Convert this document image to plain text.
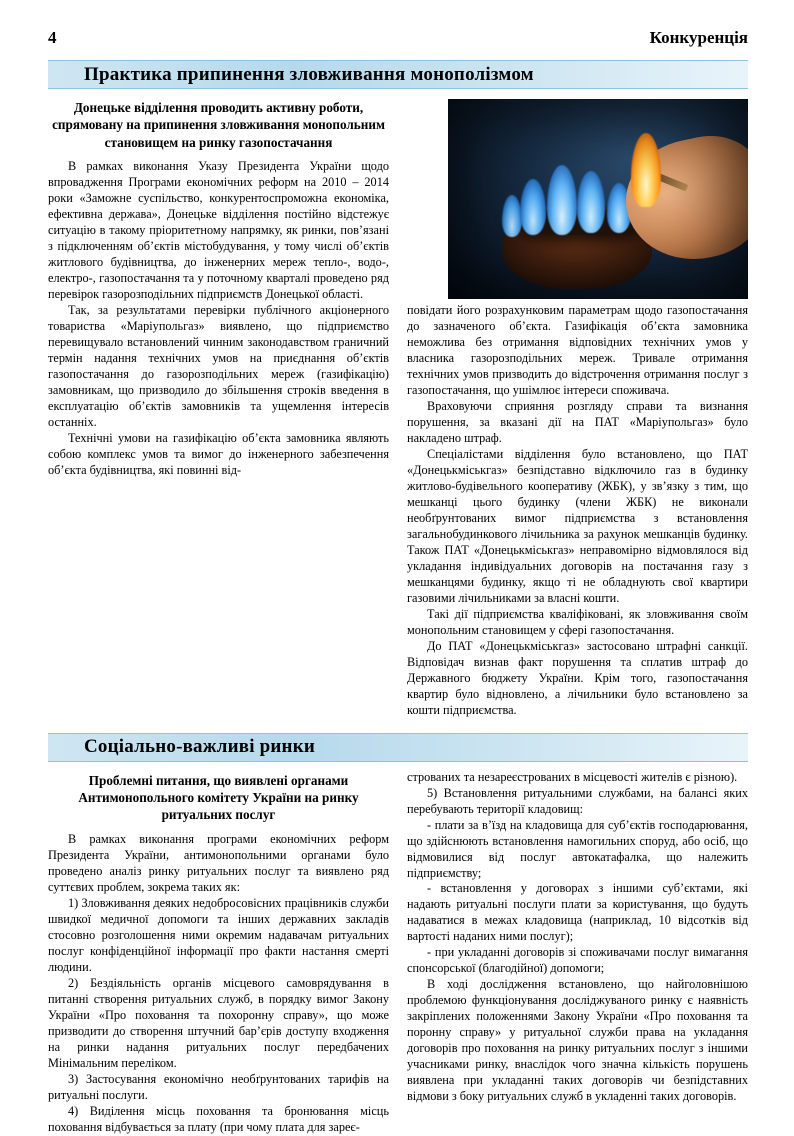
4	Конкуренція
Практика припинення зловживання монополізмом
Донецьке відділення проводить активну роботи, спрямовану на припинення зловживання монопольним становищем на ринку газопостачання

В рамках виконання Указу Президента України щодо впровадження Програми економічних реформ на 2010 – 2014 роки «Заможне суспільство, конкурентоспроможна економіка, ефективна держава», Донецьке відділення постійно відстежує ситуацію в такому пріоритетному напрямку, як ринки, пов’язані з підключенням об’єктів містобудування, у тому числі об’єктів житлового будівництва, до інженерних мереж тепло-, водо-, електро-, газопостачання та у поточному кварталі проведено ряд перевірок газорозподільних підприємств Донецької області.

Так, за результатами перевірки публічного акціонерного товариства «Маріупольгаз» виявлено, що підприємство перевищувало встановлений чинним законодавством граничний термін надання технічних умов на приєднання об’єктів газопостачання до газорозподільних мереж (газифікацію) замовникам, що призводило до збільшення строків введення в експлуатацію об’єктів замовників та ущемлення інтересів останніх.

Технічні умови на газифікацію об’єкта замовника являють собою комплекс умов та вимог до інженерного забезпечення об’єкта будівництва, які повинні від-

повідати його розрахунковим параметрам щодо газопостачання до зазначеного об’єкта. Газифікація об’єкта замовника неможлива без отримання відповідних технічних умов у власника газорозподільних мереж. Тривале отримання технічних умов призводить до відстрочення отримання послуг з газопостачання, що ушімлює інтереси споживача.

Враховуючи сприяння розгляду справи та визнання порушення, за вказані дії на ПАТ «Маріупольгаз» було накладено штраф.

Спеціалістами відділення було встановлено, що ПАТ «Донецькміськгаз» безпідставно відключило газ в будинку житлово-будівельного кооперативу (ЖБК), у зв’язку з тим, що мешканці цього будинку (члени ЖБК) не виконали необґрунтованих вимог підприємства з встановлення загальнобудинкового лічильника за рахунок мешканців будинку. Також ПАТ «Донецькміськгаз» неправомірно відмовлялося від укладання індивідуальних договорів на постачання газу з мешканцями будинку, якщо ті не обладнують свої квартири газовими лічильниками за власні кошти.

Такі дії підприємства кваліфіковані, як зловживання своїм монопольним становищем у сфері газопостачання.

До ПАТ «Донецькміськгаз» застосовано штрафні санкції. Відповідач визнав факт порушення та сплатив штраф до Державного бюджету України. Крім того, газопостачання квартир було відновлено, а лічильники було встановлено за кошти підприємства.

Соціально-важливі ринки
Проблемні питання, що виявлені органами Антимонопольного комітету України на ринку ритуальних послуг

В рамках виконання програми економічних реформ Президента України, антимонопольними органами було проведено аналіз ринку ритуальних послуг та виявлено ряд суттєвих проблем, зокрема таких як:

1) Зловживання деяких недобросовісних працівників служби швидкої медичної допомоги та інших державних закладів стосовно розголошення ними окремим надавачам ритуальних послуг конфіденційної інформації про факти настання смерті людини.

2) Бездіяльність органів місцевого самоврядування в питанні створення ритуальних служб, в порядку вимог Закону України «Про поховання та похоронну справу», що може призводити до створення штучний бар’єрів доступу входження на ринки надання ритуальних послуг передбачених Мінімальним переліком.

3) Застосування економічно необґрунтованих тарифів на ритуальні послуги.

4) Виділення місць поховання та бронювання місць поховання відбувається за плату (при чому плата для зареє-

строваних та незареєстрованих в місцевості жителів є різною).

5) Встановлення ритуальними службами, на балансі яких перебувають території кладовищ:

- плати за в’їзд на кладовища для суб’єктів господарювання, що здійснюють встановлення намогильних споруд, або осіб, що відмовилися від послуг автокатафалка, що належить підприємству;

- встановлення у договорах з іншими суб’єктами, які надають ритуальні послуги плати за користування, що будуть надаватися в межах кладовища (наприклад, 10 відсотків від вартості наданих ними послуг);

- при укладанні договорів зі споживачами послуг вимагання спонсорської (благодійної) допомоги;

В ході дослідження встановлено, що найголовнішою проблемою функціонування досліджуваного ринку є наявність закріплених положеннями Закону України «Про поховання та поронну справу» у ритуальної служби права на укладання договорів про поховання на ринку ритуальних послуг з іншими учасниками ринку, внаслідок чого значна кількість порушень виявлена при укладанні таких договорів чи безпідставних відмови з боку ритуальних служб в укладенні таких договорів.
